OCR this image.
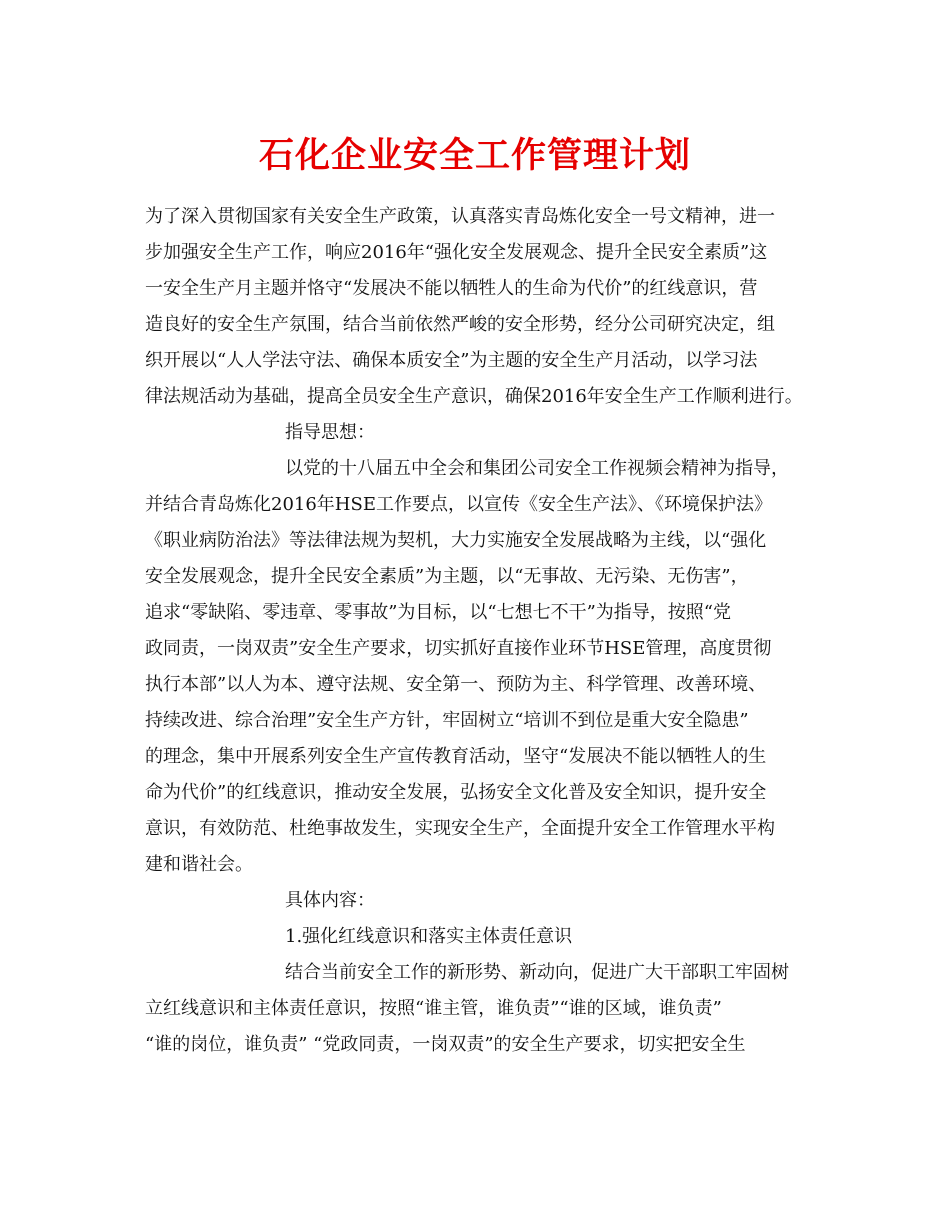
石化企业安全工作管理计划

为了深入贯彻国家有关安全生产政策，认真落实青岛炼化安全一号文精神，进一

步加强安全生产工作，响应2016年“强化安全发展观念、提升全民安全素质”这

一安全生产月主题并恪守“发展决不能以牺牲人的生命为代价”的红线意识，营

造良好的安全生产氛围，结合当前依然严峻的安全形势，经分公司研究决定，组

织开展以“人人学法守法、确保本质安全”为主题的安全生产月活动，以学习法

律法规活动为基础，提高全员安全生产意识，确保2016年安全生产工作顺利进行。

指导思想：

以党的十八届五中全会和集团公司安全工作视频会精神为指导，

并结合青岛炼化2016年HSE工作要点，以宣传《安全生产法》、《环境保护法》

《职业病防治法》等法律法规为契机，大力实施安全发展战略为主线，以“强化

安全发展观念，提升全民安全素质”为主题，以“无事故、无污染、无伤害”，

追求“零缺陷、零违章、零事故”为目标，以“七想七不干”为指导，按照“党

政同责，一岗双责”安全生产要求，切实抓好直接作业环节HSE管理，高度贯彻

执行本部”以人为本、遵守法规、安全第一、预防为主、科学管理、改善环境、

持续改进、综合治理”安全生产方针，牢固树立“培训不到位是重大安全隐患”

的理念，集中开展系列安全生产宣传教育活动，坚守“发展决不能以牺牲人的生

命为代价”的红线意识，推动安全发展，弘扬安全文化普及安全知识，提升安全

意识，有效防范、杜绝事故发生，实现安全生产，全面提升安全工作管理水平构

建和谐社会。

具体内容：

1.强化红线意识和落实主体责任意识

结合当前安全工作的新形势、新动向，促进广大干部职工牢固树

立红线意识和主体责任意识，按照“谁主管，谁负责”“谁的区域，谁负责”

“谁的岗位，谁负责” “党政同责，一岗双责”的安全生产要求，切实把安全生
